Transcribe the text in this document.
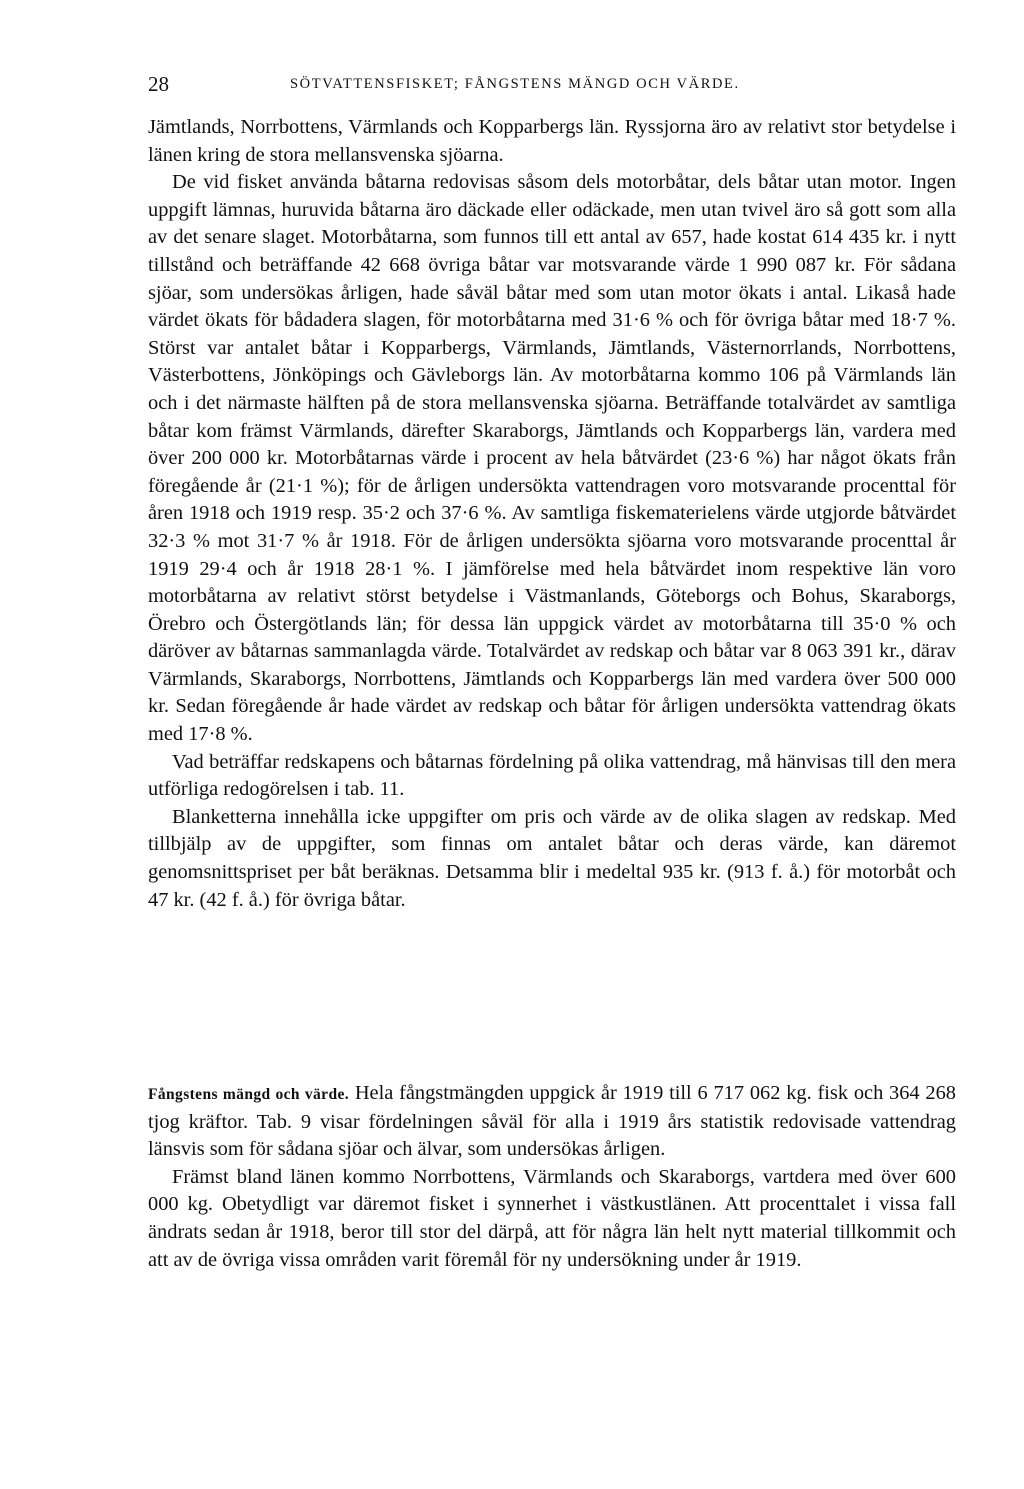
28	SÖTVATTENSFISKET; FÅNGSTENS MÄNGD OCH VÄRDE.

Jämtlands, Norrbottens, Värmlands och Kopparbergs län. Ryssjorna äro av relativt stor betydelse i länen kring de stora mellansvenska sjöarna.

De vid fisket använda båtarna redovisas såsom dels motorbåtar, dels båtar utan motor. Ingen uppgift lämnas, huruvida båtarna äro däckade eller odäckade, men utan tvivel äro så gott som alla av det senare slaget. Motorbåtarna, som funnos till ett antal av 657, hade kostat 614 435 kr. i nytt tillstånd och beträffande 42 668 övriga båtar var motsvarande värde 1 990 087 kr. För sådana sjöar, som undersökas årligen, hade såväl båtar med som utan motor ökats i antal. Likaså hade värdet ökats för bådadera slagen, för motorbåtarna med 31·6 % och för övriga båtar med 18·7 %. Störst var antalet båtar i Kopparbergs, Värmlands, Jämtlands, Västernorrlands, Norrbottens, Västerbottens, Jönköpings och Gävleborgs län. Av motorbåtarna kommo 106 på Värmlands län och i det närmaste hälften på de stora mellansvenska sjöarna. Beträffande totalvärdet av samtliga båtar kom främst Värmlands, därefter Skaraborgs, Jämtlands och Kopparbergs län, vardera med över 200 000 kr. Motorbåtarnas värde i procent av hela båtvärdet (23·6 %) har något ökats från föregående år (21·1 %); för de årligen undersökta vattendragen voro motsvarande procenttal för åren 1918 och 1919 resp. 35·2 och 37·6 %. Av samtliga fiskematerielens värde utgjorde båtvärdet 32·3 % mot 31·7 % år 1918. För de årligen undersökta sjöarna voro motsvarande procenttal år 1919 29·4 och år 1918 28·1 %. I jämförelse med hela båtvärdet inom respektive län voro motorbåtarna av relativt störst betydelse i Västmanlands, Göteborgs och Bohus, Skaraborgs, Örebro och Östergötlands län; för dessa län uppgick värdet av motorbåtarna till 35·0 % och däröver av båtarnas sammanlagda värde. Totalvärdet av redskap och båtar var 8 063 391 kr., därav Värmlands, Skaraborgs, Norrbottens, Jämtlands och Kopparbergs län med vardera över 500 000 kr. Sedan föregående år hade värdet av redskap och båtar för årligen undersökta vattendrag ökats med 17·8 %.

Vad beträffar redskapens och båtarnas fördelning på olika vattendrag, må hänvisas till den mera utförliga redogörelsen i tab. 11.

Blanketterna innehålla icke uppgifter om pris och värde av de olika slagen av redskap. Med tillbjälp av de uppgifter, som finnas om antalet båtar och deras värde, kan däremot genomsnittspriset per båt beräknas. Detsamma blir i medeltal 935 kr. (913 f. å.) för motorbåt och 47 kr. (42 f. å.) för övriga båtar.

Fångstens mängd och värde. Hela fångstmängden uppgick år 1919 till 6 717 062 kg. fisk och 364 268 tjog kräftor. Tab. 9 visar fördelningen såväl för alla i 1919 års statistik redovisade vattendrag länsvis som för sådana sjöar och älvar, som undersökas årligen.

Främst bland länen kommo Norrbottens, Värmlands och Skaraborgs, vartdera med över 600 000 kg. Obetydligt var däremot fisket i synnerhet i västkustlänen. Att procenttalet i vissa fall ändrats sedan år 1918, beror till stor del därpå, att för några län helt nytt material tillkommit och att av de övriga vissa områden varit föremål för ny undersökning under år 1919.
